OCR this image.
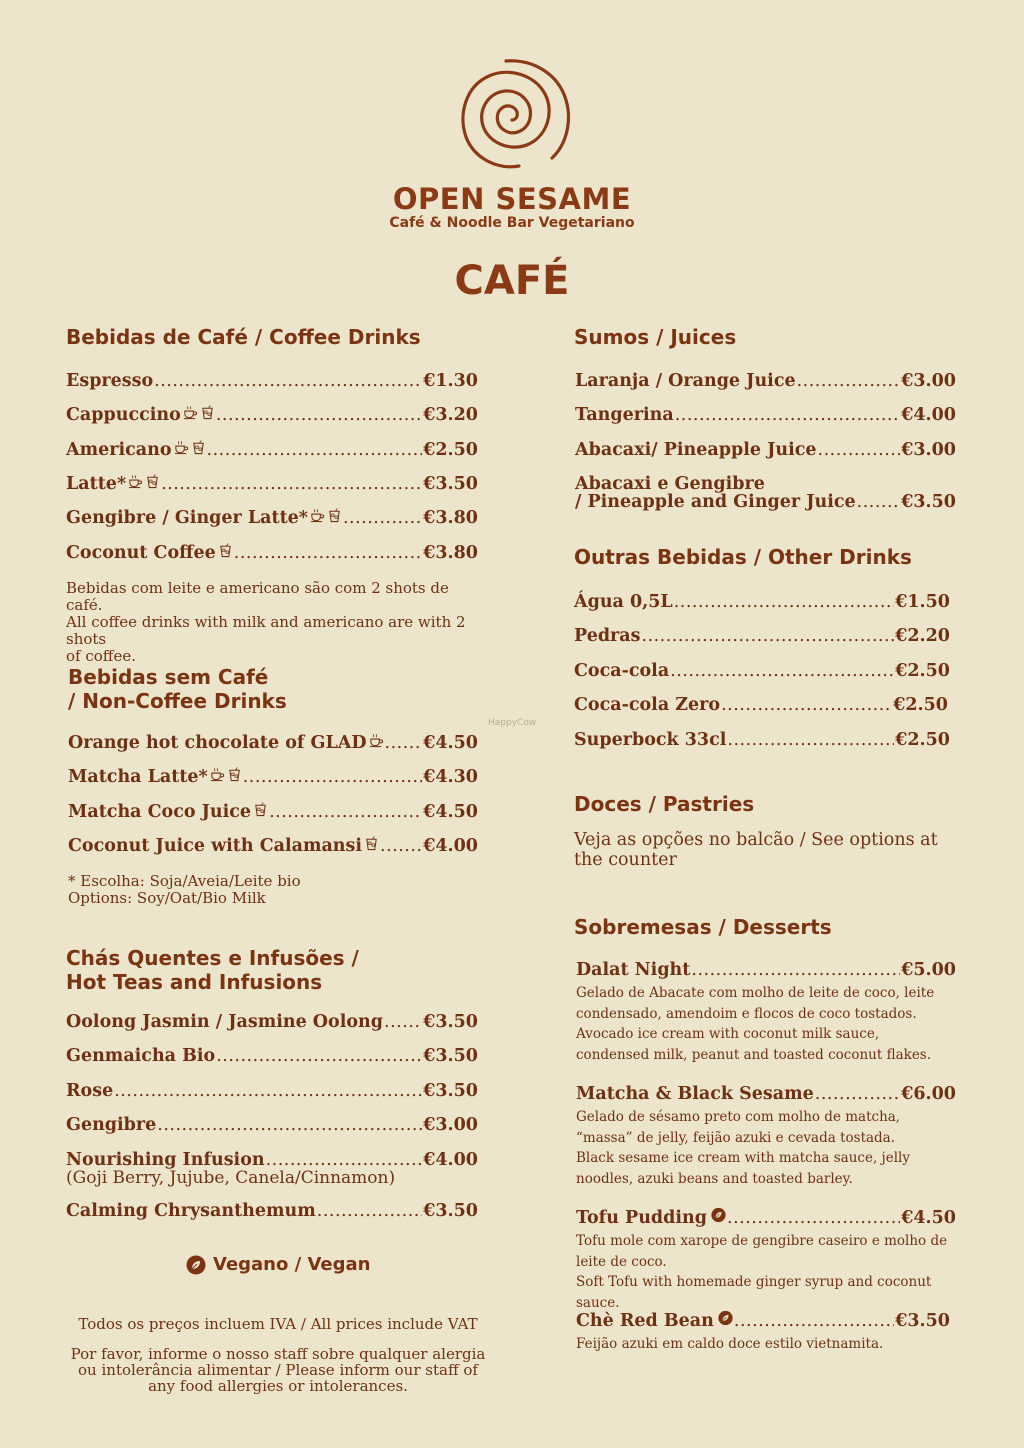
OPEN SESAME
Café & Noodle Bar Vegetariano
CAFÉ
Bebidas de Café / Coffee Drinks
Espresso .....	€1.30
Cappuccino .....	€3.20
Americano .....	€2.50
Latte* .....	€3.50
Gengibre / Ginger Latte* .....	€3.80
Coconut Coffee .....	€3.80
Bebidas com leite e americano são com 2 shots de café.
All coffee drinks with milk and americano are with 2 shots
of coffee.
Bebidas sem Café
/ Non-Coffee Drinks
Orange hot chocolate of GLAD .....	€4.50
Matcha Latte* .....	€4.30
Matcha Coco Juice .....	€4.50
Coconut Juice with Calamansi .....	€4.00
* Escolha: Soja/Aveia/Leite bio
Options: Soy/Oat/Bio Milk
Chás Quentes e Infusões /
Hot Teas and Infusions
Oolong Jasmin / Jasmine Oolong ..... €3.50
Genmaicha Bio .....	€3.50
Rose .....	€3.50
Gengibre .....	€3.00
Nourishing Infusion .....	€4.00
(Goji Berry, Jujube, Canela/Cinnamon)
Calming Chrysanthemum .....	€3.50
Vegano / Vegan
Todos os preços incluem IVA / All prices include VAT
Por favor, informe o nosso staff sobre qualquer alergia ou intolerância alimentar / Please inform our staff of any food allergies or intolerances.
HappyCow
Sumos / Juices
Laranja / Orange Juice .....	€3.00
Tangerina .....	€4.00
Abacaxi/ Pineapple Juice .....	€3.00
Abacaxi e Gengibre
/ Pineapple and Ginger Juice .....	€3.50
Outras Bebidas / Other Drinks
Água 0,5L .....	€1.50
Pedras .....	€2.20
Coca-cola .....	€2.50
Coca-cola Zero .....	€2.50
Superbock 33cl .....	€2.50
Doces / Pastries
Veja as opções no balcão / See options at the counter
Sobremesas / Desserts
Dalat Night .....	€5.00
Gelado de Abacate com molho de leite de coco, leite condensado, amendoim e flocos de coco tostados.
Avocado ice cream with coconut milk sauce, condensed milk, peanut and toasted coconut flakes.
Matcha & Black Sesame .....	€6.00
Gelado de sésamo preto com molho de matcha, “massa” de jelly, feijão azuki e cevada tostada.
Black sesame ice cream with matcha sauce, jelly noodles, azuki beans and toasted barley.
Tofu Pudding .....	€4.50
Tofu mole com xarope de gengibre caseiro e molho de leite de coco.
Soft Tofu with homemade ginger syrup and coconut sauce.
Chè Red Bean .....	€3.50
Feijão azuki em caldo doce estilo vietnamita.
